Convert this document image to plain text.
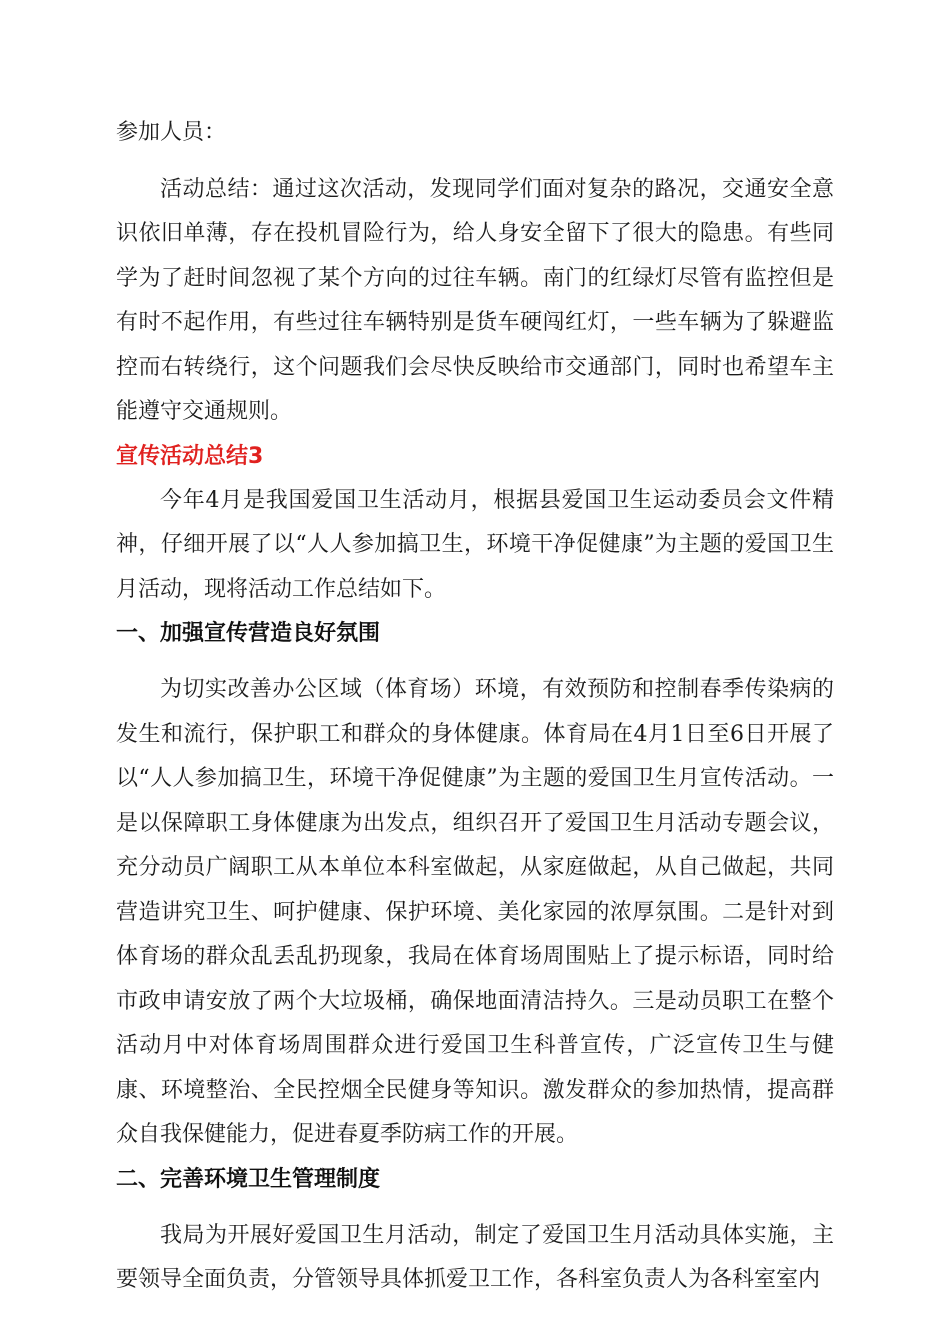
参加人员：

活动总结：通过这次活动，发现同学们面对复杂的路况，交通安全意识依旧单薄，存在投机冒险行为，给人身安全留下了很大的隐患。有些同学为了赶时间忽视了某个方向的过往车辆。南门的红绿灯尽管有监控但是有时不起作用，有些过往车辆特别是货车硬闯红灯，一些车辆为了躲避监控而右转绕行，这个问题我们会尽快反映给市交通部门，同时也希望车主能遵守交通规则。

宣传活动总结3

今年4月是我国爱国卫生活动月，根据县爱国卫生运动委员会文件精神，仔细开展了以“人人参加搞卫生，环境干净促健康”为主题的爱国卫生月活动，现将活动工作总结如下。

一、加强宣传营造良好氛围

为切实改善办公区域（体育场）环境，有效预防和控制春季传染病的发生和流行，保护职工和群众的身体健康。体育局在4月1日至6日开展了以“人人参加搞卫生，环境干净促健康”为主题的爱国卫生月宣传活动。一是以保障职工身体健康为出发点，组织召开了爱国卫生月活动专题会议，充分动员广阔职工从本单位本科室做起，从家庭做起，从自己做起，共同营造讲究卫生、呵护健康、保护环境、美化家园的浓厚氛围。二是针对到体育场的群众乱丢乱扔现象，我局在体育场周围贴上了提示标语，同时给市政申请安放了两个大垃圾桶，确保地面清洁持久。三是动员职工在整个活动月中对体育场周围群众进行爱国卫生科普宣传，广泛宣传卫生与健康、环境整治、全民控烟全民健身等知识。激发群众的参加热情，提高群众自我保健能力，促进春夏季防病工作的开展。

二、完善环境卫生管理制度

我局为开展好爱国卫生月活动，制定了爱国卫生月活动具体实施，主要领导全面负责，分管领导具体抓爱卫工作，各科室负责人为各科室室内
